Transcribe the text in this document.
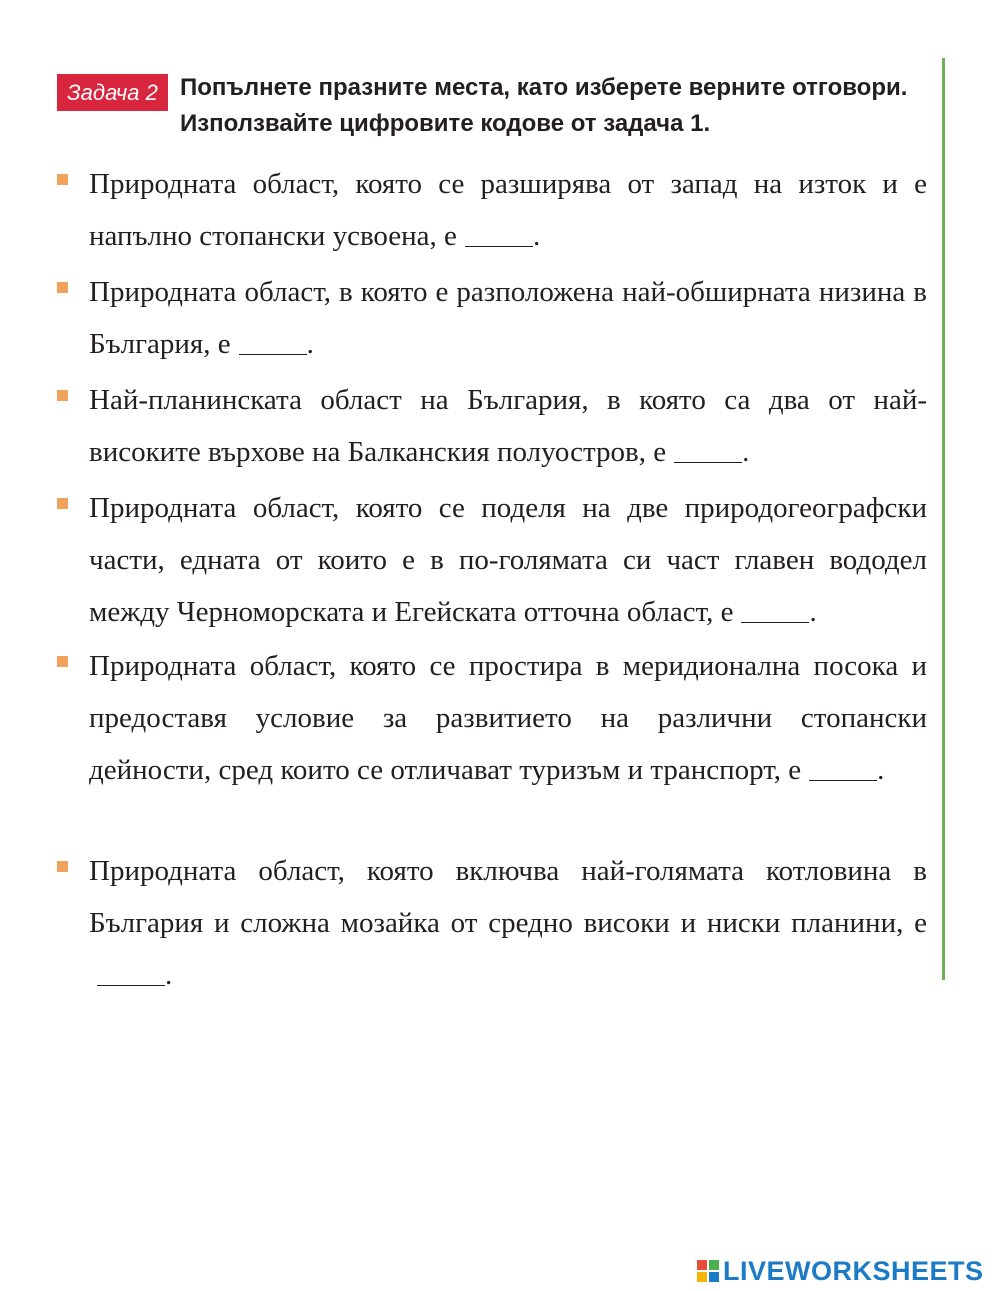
Задача 2 Попълнете празните места, като изберете верните отговори. Използвайте цифровите кодове от задача 1.
Природната област, която се разширява от запад на изток и е напълно стопански усвоена, е	.
Природната област, в която е разположена най-обширната низина в България, е	.
Най-планинската област на България, в която са два от най-високите върхове на Балканския полуостров, е	.
Природната област, която се поделя на две природогеографски части, едната от които е в по-голямата си част главен вододел между Черноморската и Егейската отточна област, е	.
Природната област, която се простира в меридионална посока и предоставя условие за развитието на различни стопански дейности, сред които се отличават туризъм и транспорт, е	.
Природната област, която включва най-голямата котловина в България и сложна мозайка от средно високи и ниски планини, е.
LIVEWORKSHEETS
